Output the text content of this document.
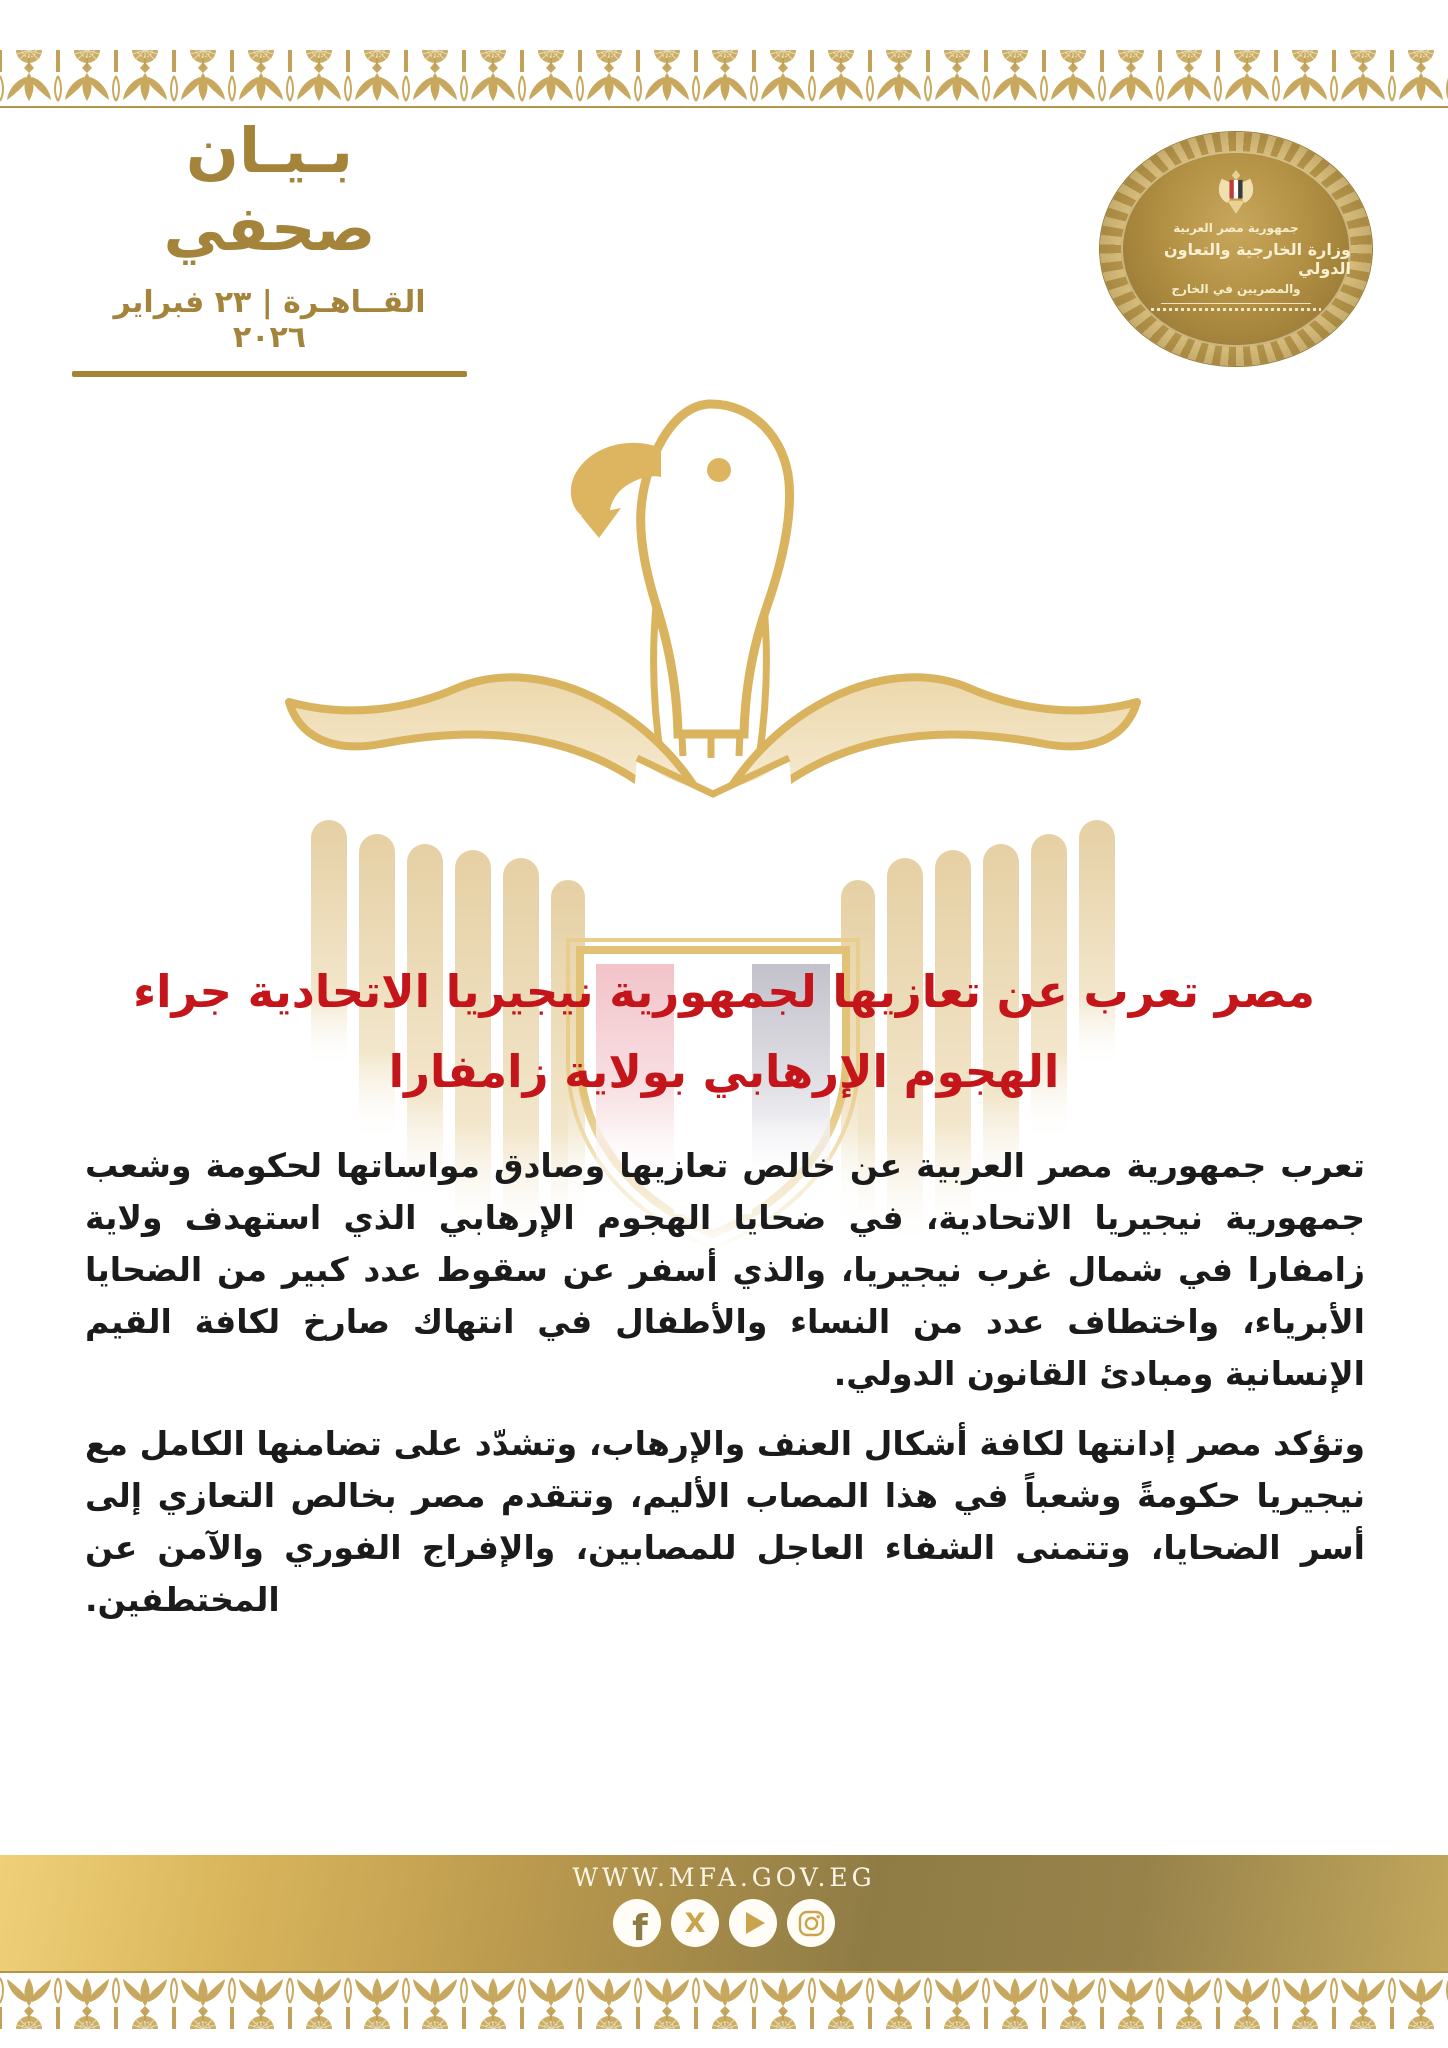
بـيـان صحفي
القــاهـرة | ٢٣ فبراير ٢٠٢٦
جمهورية مصر العربية
وزارة الخارجية والتعاون الدولي
والمصريين في الخارج
مصر تعرب عن تعازيها لجمهورية نيجيريا الاتحادية جراء
الهجوم الإرهابي بولاية زامفارا
تعرب جمهورية مصر العربية عن خالص تعازيها وصادق مواساتها لحكومة وشعب جمهورية نيجيريا الاتحادية، في ضحايا الهجوم الإرهابي الذي استهدف ولاية زامفارا في شمال غرب نيجيريا، والذي أسفر عن سقوط عدد كبير من الضحايا الأبرياء، واختطاف عدد من النساء والأطفال في انتهاك صارخ لكافة القيم الإنسانية ومبادئ القانون الدولي.
وتؤكد مصر إدانتها لكافة أشكال العنف والإرهاب، وتشدّد على تضامنها الكامل مع نيجيريا حكومةً وشعباً في هذا المصاب الأليم، وتتقدم مصر بخالص التعازي إلى أسر الضحايا، وتتمنى الشفاء العاجل للمصابين، والإفراج الفوري والآمن عن المختطفين.
WWW.MFA.GOV.EG
f X
